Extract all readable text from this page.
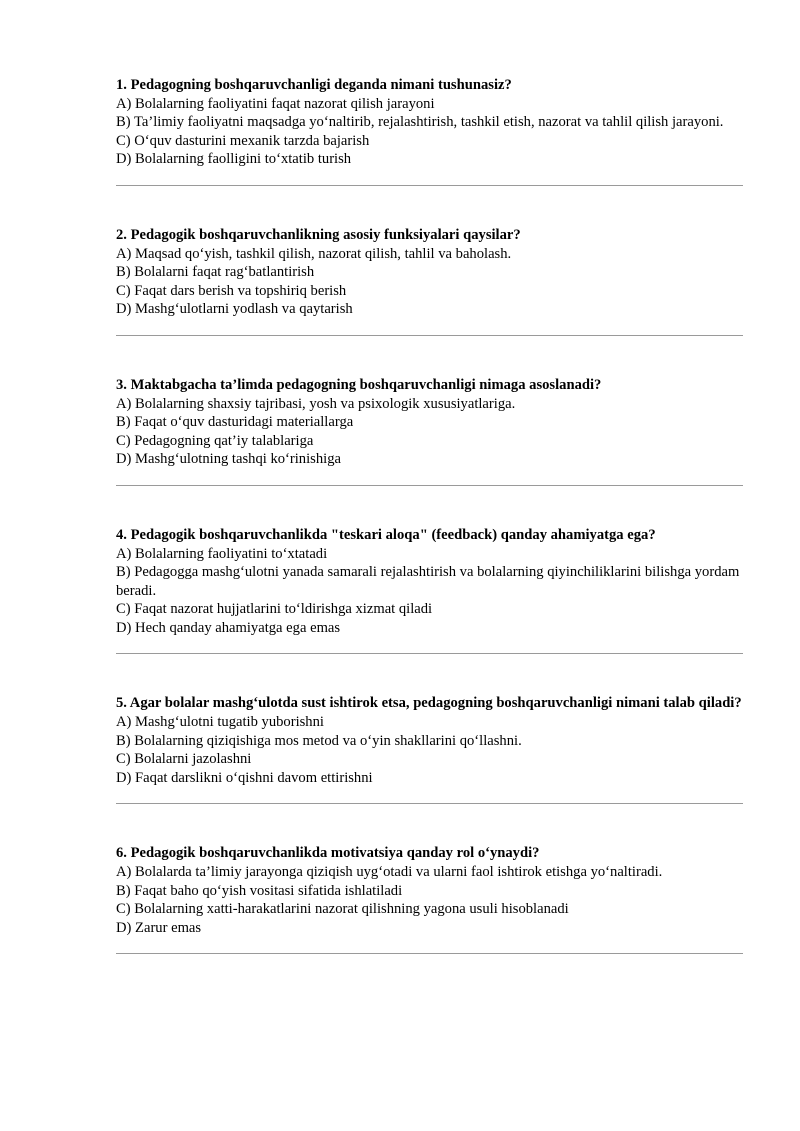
1. Pedagogning boshqaruvchanligi deganda nimani tushunasiz?

A) Bolalarning faoliyatini faqat nazorat qilish jarayoni

B) Ta’limiy faoliyatni maqsadga yo‘naltirib, rejalashtirish, tashkil etish, nazorat va tahlil qilish jarayoni.

C) O‘quv dasturini mexanik tarzda bajarish

D) Bolalarning faolligini to‘xtatib turish

2. Pedagogik boshqaruvchanlikning asosiy funksiyalari qaysilar?

A) Maqsad qo‘yish, tashkil qilish, nazorat qilish, tahlil va baholash.

B) Bolalarni faqat rag‘batlantirish

C) Faqat dars berish va topshiriq berish

D) Mashg‘ulotlarni yodlash va qaytarish

3. Maktabgacha ta’limda pedagogning boshqaruvchanligi nimaga asoslanadi?

A) Bolalarning shaxsiy tajribasi, yosh va psixologik xususiyatlariga.

B) Faqat o‘quv dasturidagi materiallarga

C) Pedagogning qat’iy talablariga

D) Mashg‘ulotning tashqi ko‘rinishiga

4. Pedagogik boshqaruvchanlikda "teskari aloqa" (feedback) qanday ahamiyatga ega?

A) Bolalarning faoliyatini to‘xtatadi

B) Pedagogga mashg‘ulotni yanada samarali rejalashtirish va bolalarning qiyinchiliklarini bilishga yordam beradi.

C) Faqat nazorat hujjatlarini to‘ldirishga xizmat qiladi

D) Hech qanday ahamiyatga ega emas

5. Agar bolalar mashg‘ulotda sust ishtirok etsa, pedagogning boshqaruvchanligi nimani talab qiladi?

A) Mashg‘ulotni tugatib yuborishni

B) Bolalarning qiziqishiga mos metod va o‘yin shakllarini qo‘llashni.

C) Bolalarni jazolashni

D) Faqat darslikni o‘qishni davom ettirishni

6. Pedagogik boshqaruvchanlikda motivatsiya qanday rol o‘ynaydi?

A) Bolalarda ta’limiy jarayonga qiziqish uyg‘otadi va ularni faol ishtirok etishga yo‘naltiradi.

B) Faqat baho qo‘yish vositasi sifatida ishlatiladi

C) Bolalarning xatti-harakatlarini nazorat qilishning yagona usuli hisoblanadi

D) Zarur emas
